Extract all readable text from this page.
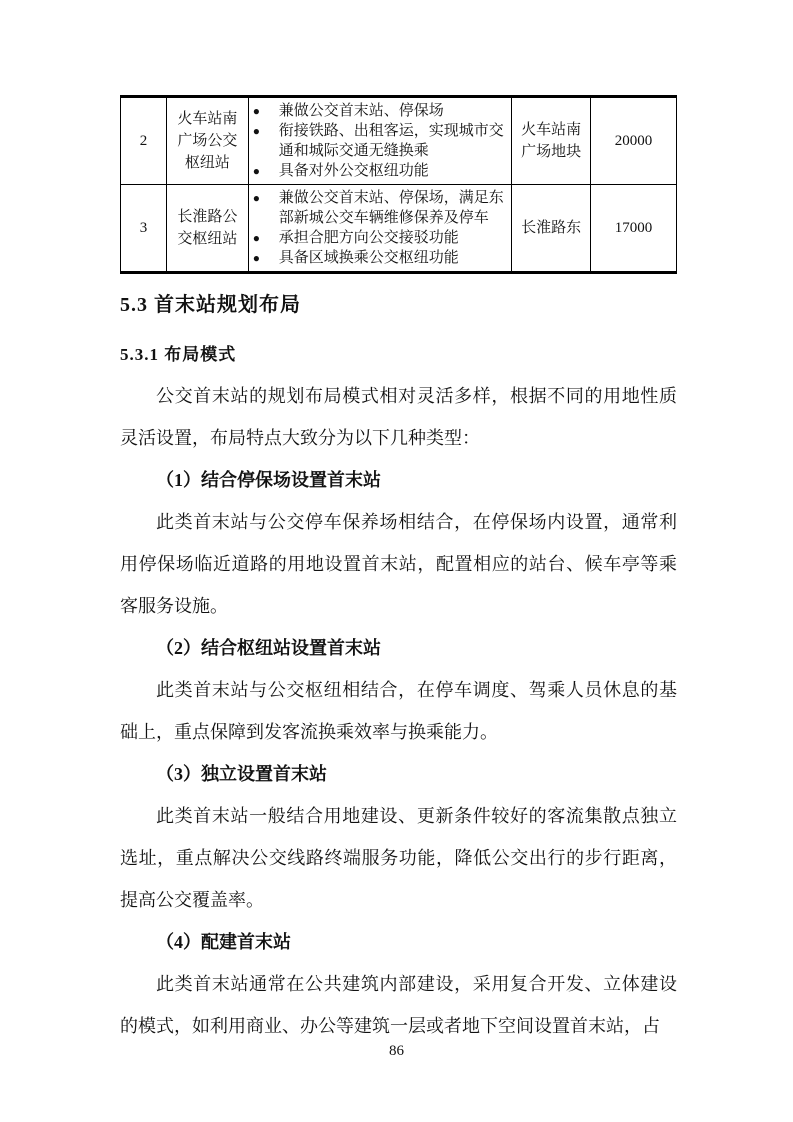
2	火车站南广场公交枢纽站	
●	兼做公交首末站、停保场
●	衔接铁路、出租客运，实现城市交通和城际交通无缝换乘
●	具备对外公交枢纽功能
	火车站南广场地块	20000
3	长淮路公交枢纽站	
●	兼做公交首末站、停保场，满足东部新城公交车辆维修保养及停车
●	承担合肥方向公交接驳功能
●	具备区域换乘公交枢纽功能
	长淮路东	17000
5.3 首末站规划布局
5.3.1 布局模式

公交首末站的规划布局模式相对灵活多样，根据不同的用地性质灵活设置，布局特点大致分为以下几种类型：

（1）结合停保场设置首末站

此类首末站与公交停车保养场相结合，在停保场内设置，通常利用停保场临近道路的用地设置首末站，配置相应的站台、候车亭等乘客服务设施。

（2）结合枢纽站设置首末站

此类首末站与公交枢纽相结合，在停车调度、驾乘人员休息的基础上，重点保障到发客流换乘效率与换乘能力。

（3）独立设置首末站

此类首末站一般结合用地建设、更新条件较好的客流集散点独立选址，重点解决公交线路终端服务功能，降低公交出行的步行距离，提高公交覆盖率。

（4）配建首末站

此类首末站通常在公共建筑内部建设，采用复合开发、立体建设的模式，如利用商业、办公等建筑一层或者地下空间设置首末站，占

86
